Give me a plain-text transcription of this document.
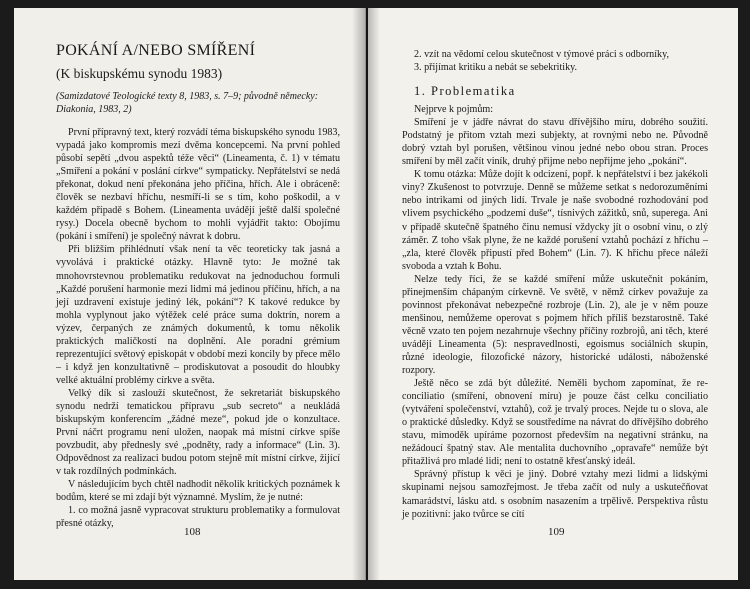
POKÁNÍ A/NEBO SMÍŘENÍ
(K biskupskému synodu 1983)
(Samizdatové Teologické texty 8, 1983, s. 7–9; původně německy: Diakonia, 1983, 2)

První přípravný text, který rozvádí téma biskupského synodu 1983, vypadá jako kompromis mezi dvěma koncepcemi. Na první pohled působí sepětí „dvou aspektů téže věci“ (Lineamenta, č. 1) v tématu „Smíření a pokání v poslání církve“ sympaticky. Nepřátelství se nedá překonat, dokud není překonána jeho příčina, hřích. Ale i obráceně: člověk se nezbaví hříchu, nesmíří-li se s tím, koho poškodil, a v každém případě s Bohem. (Lineamenta uvádějí ještě další společné rysy.) Docela obecně bychom to mohli vyjádřit takto: Obojímu (pokání i smíření) je společný návrat k dobru.

Při bližším přihlédnutí však není ta věc teoreticky tak jasná a vyvolává i praktické otázky. Hlavně tyto: Je možné tak mnohovrstevnou problematiku redukovat na jednoduchou formuli „Každé porušení harmonie mezi lidmi má jedinou příčinu, hřích, a na její uzdravení existuje jediný lék, pokání“? K takové redukce by mohla vyplynout jako výtěžek celé práce suma doktrín, norem a výzev, čerpaných ze známých dokumentů, k tomu několik praktických maličkostí na doplnění. Ale poradní grémium reprezentující světový episkopát v období mezi koncily by přece mělo – i když jen konzultativně – prodiskutovat a posoudit do hloubky velké aktuální problémy církve a světa.

Velký dík si zaslouží skutečnost, že sekretariát biskupského synodu nedrží tematickou přípravu „sub secreto“ a neukládá biskupským konferencím „žádné meze“, pokud jde o konzultace. První náčrt programu není uložen, naopak má místní církve spíše povzbudit, aby přednesly své „podněty, rady a informace“ (Lin. 3). Odpovědnost za realizaci budou potom stejně mít místní církve, žijící v tak rozdílných podmínkách.

V následujícím bych chtěl nadhodit několik kritických poznámek k bodům, které se mi zdají být významné. Myslím, že je nutné:

1. co možná jasně vypracovat strukturu problematiky a formulovat přesné otázky,

108

2. vzít na vědomí celou skutečnost v týmové práci s odborníky,

3. přijímat kritiku a nebát se sebekritiky.

1. Problematika

Nejprve k pojmům:

Smíření je v jádře návrat do stavu dřívějšího míru, dobrého soužití. Podstatný je přitom vztah mezi subjekty, at rovnými nebo ne. Původně dobrý vztah byl porušen, většinou vinou jedné nebo obou stran. Proces smíření by měl začít viník, druhý přijme nebo nepřijme jeho „pokání“.

K tomu otázka: Může dojít k odcizení, popř. k nepřátelství i bez jakékoli viny? Zkušenost to potvrzuje. Denně se můžeme setkat s nedorozuměními nebo intrikami od jiných lidí. Trvale je naše svobodné rozhodování pod vlivem psychického „podzemí duše“, tísnivých zážitků, snů, superega. Ani v případě skutečně špatného činu nemusí vždycky jít o osobní vinu, o zlý záměr. Z toho však plyne, že ne každé porušení vztahů pochází z hříchu – „zla, které člověk připustí před Bohem“ (Lin. 7). K hříchu přece náleží svoboda a vztah k Bohu.

Nelze tedy říci, že se každé smíření může uskutečnit pokáním, přinejmenším chápaným církevně. Ve světě, v němž církev považuje za povinnost překonávat nebezpečné rozbroje (Lin. 2), ale je v něm pouze menšinou, nemůžeme operovat s pojmem hřích příliš bezstarostně. Také věcně vzato ten pojem nezahrnuje všechny příčiny rozbrojů, ani těch, které uvádějí Lineamenta (5): nespravedlnosti, egoismus sociálních skupin, různé ideologie, filozofické názory, historické události, náboženské rozpory.

Ještě něco se zdá být důležité. Neměli bychom zapomínat, že re-conciliatio (smíření, obnovení míru) je pouze část celku conciliatio (vytváření společenství, vztahů), což je trvalý proces. Nejde tu o slova, ale o praktické důsledky. Když se soustředíme na návrat do dřívějšího dobrého stavu, mimoděk upírámе pozornost především na negativní stránku, na nežádoucí špatný stav. Ale mentalita duchovního „opravaře“ nemůže být přitažlivá pro mladé lidi; není to ostatně křesťanský ideál.

Správný přístup k věci je jiný. Dobré vztahy mezi lidmi a lidskými skupinami nejsou samozřejmost. Je třeba začít od nuly a uskutečňovat kamarádství, lásku atd. s osobním nasazením a trpělivě. Perspektiva růstu je pozitivní: jako tvůrce se cítí

109
